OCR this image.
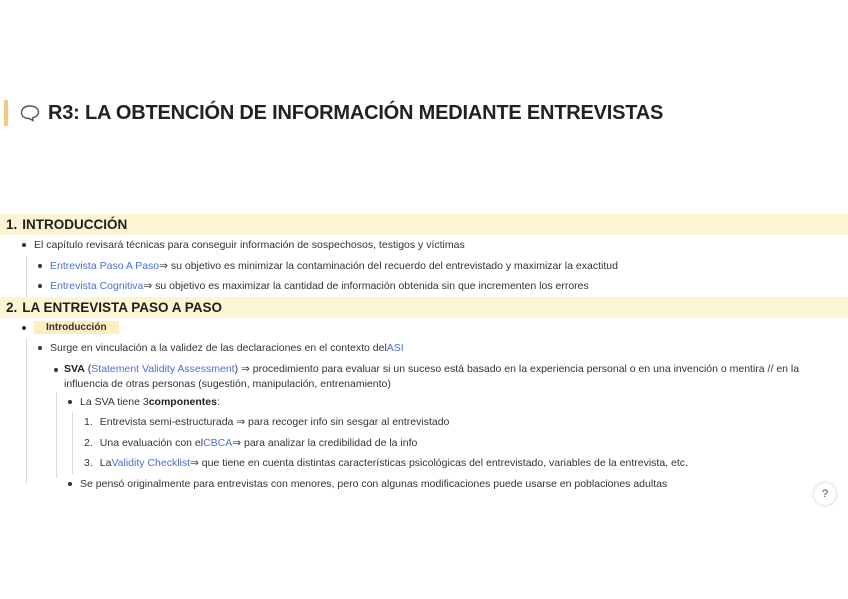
R3: LA OBTENCIÓN DE INFORMACIÓN MEDIANTE ENTREVISTAS
1. INTRODUCCIÓN
El capítulo revisará técnicas para conseguir información de sospechosos, testigos y víctimas
Entrevista Paso A Paso ⇒ su objetivo es minimizar la contaminación del recuerdo del entrevistado y maximizar la exactitud
Entrevista Cognitiva ⇒ su objetivo es maximizar la cantidad de información obtenida sin que incrementen los errores
2. LA ENTREVISTA PASO A PASO
Introducción
Surge en vinculación a la validez de las declaraciones en el contexto del ASI
SVA (Statement Validity Assessment) ⇒ procedimiento para evaluar si un suceso está basado en la experiencia personal o en una invención o mentira // en la influencia de otras personas (sugestión, manipulación, entrenamiento)
La SVA tiene 3 componentes :
1. Entrevista semi-estructurada ⇒ para recoger info sin sesgar al entrevistado
2. Una evaluación con el CBCA ⇒ para analizar la credibilidad de la info
3. La Validity Checklist ⇒ que tiene en cuenta distintas características psicológicas del entrevistado, variables de la entrevista, etc.
Se pensó originalmente para entrevistas con menores, pero con algunas modificaciones puede usarse en poblaciones adultas
?
